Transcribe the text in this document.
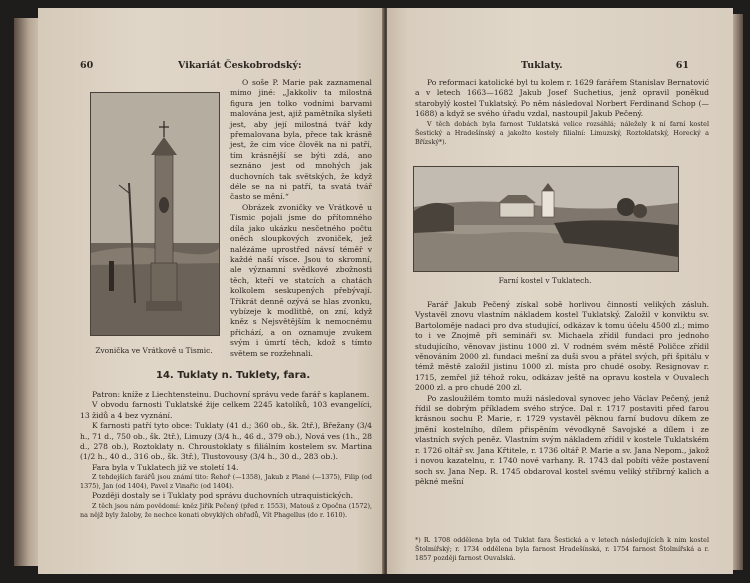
60	Vikariát Českobrodský:

O soše P. Marie pak zaznamenal mimo jiné: „Jakkoliv ta milostná figura jen tolko vodními barvami malována jest, ajiž pamětníka slyšeti jest, aby její milostná tvář kdy přemalovana byla, přece tak krásně jest, že cim více člověk na ni patří, tím krásnější se býti zdá, ano seznáno jest od mnohých jak duchovních tak světských, že když déle se na ni patří, ta svatá tvář často se mění.“

Obrázek zvoničky ve Vrátkově u Tismic pojali jsme do přítomného díla jako ukázku nesčetného počtu oněch sloupkových zvoniček, jež nalézáme uprostřed návsí téměř v každé naší vísce. Jsou to skromní, ale významní svědkové zbožnosti těch, kteří ve statcích a chatách kolkolem seskupených přebývají. Třikrát denně ozývá se hlas zvonku, vybízeje k modlitbě, on zní, když kněz s Nejsvětějším k nemocnému přichází, a on oznamuje zvukem svým i úmrtí těch, kdož s tímto světem se rozžehnali.

Zvonička ve Vrátkově u Tismic.
14. Tuklaty n. Tuklety, fara.

Patron: kníže z Liechtensteinu. Duchovní správu vede farář s kaplanem.

V obvodu farnosti Tuklatské žije celkem 2245 katolíků, 103 evangelíci, 13 židů a 4 bez vyznání.

K farnosti patří tyto obce: Tuklaty (41 d.; 360 ob., šk. 2tř.), Břežany (3/4 h., 71 d., 750 ob., šk. 2tř.), Limuzy (3/4 h., 46 d., 379 ob.), Nová ves (1h., 28 d., 278 ob.), Roztoklaty n. Chroustoklaty s filiálním kostelem sv. Martina (1/2 h., 40 d., 316 ob., šk. 3tř.), Tlustovousy (3/4 h., 30 d., 283 ob.).

Fara byla v Tuklatech již ve století 14.

Z tehdejších farářů jsou známí tito: Řehoř (—1358), Jakub z Plané (—1375), Filip (od 1375), Jan (od 1404), Pavel z Vinařic (od 1404).

Později dostaly se i Tuklaty pod správu duchovních utraquistických.

Z těch jsou nám povědomí: kněz Jiřík Pečený (před r. 1553), Matouš z Opočna (1572), na nějž byly žaloby, že nechce konati obvyklých obřadů, Vít Phagellus (do r. 1610).

Tuklaty.	61

Po reformaci katolické byl tu kolem r. 1629 farářem Stanislav Bernatović a v letech 1663—1682 Jakub Josef Suchetius, jenž opravil poněkud starobylý kostel Tuklatský. Po něm následoval Norbert Ferdinand Schop (—1688) a když se svého úřadu vzdal, nastoupil Jakub Pečený.

V těch dobách byla farnost Tuklatská velice rozsáhlá; náležely k ní farní kostel Šestický a Hradešínský a jakožto kostely filialní: Limuzský, Roztoklatský, Horecký a Břízský*).

Farní kostel v Tuklatech.

Farář Jakub Pečený získal sobě horlivou činností velikých zásluh. Vystavěl znovu vlastním nákladem kostel Tuklatský. Založil v konviktu sv. Bartoloměje nadaci pro dva studující, odkázav k tomu účelu 4500 zl.; mimo to i ve Znojmě při semináři sv. Michaela zřídil fundaci pro jednoho studujícího, věnovav jistinu 1000 zl. V rodném svém městě Poličce zřídil věnováním 2000 zl. fundaci mešní za duši svou a přátel svých, při špitálu v témž městě založil jistinu 1000 zl. místa pro chudé osoby. Resignovav r. 1715, zemřel již téhož roku, odkázav ještě na opravu kostela v Ouvalech 2000 zl. a pro chudé 200 zl.

Po zasloužilém tomto muži následoval synovec jeho Václav Pečený, jenž řídil se dobrým příkladem svého strýce. Dal r. 1717 postaviti před farou krásnou sochu P. Marie, r. 1729 vystavěl pěknou farní budovu díkem ze jmění kostelního, dílem přispěním vévodkyně Savojské a dílem i ze vlastních svých peněz. Vlastním svým nákladem zřídil v kostele Tuklatském r. 1726 oltář sv. Jana Křtitele, r. 1736 oltář P. Marie a sv. Jana Nepom., jakož i novou kazatelnu, r. 1740 nové varhany. R. 1743 dal pobíti věže postavení soch sv. Jana Nep. R. 1745 obdaroval kostel svému veliký stříbrný kalich a pěkné mešní

*) R. 1708 oddělena byla od Tuklat fara Šestická a v letech následujících k nim kostel Štolmířský; r. 1734 oddělena byla farnost Hradešínská, r. 1754 farnost Štolmířská a r. 1857 později farnost Ouvalská.
